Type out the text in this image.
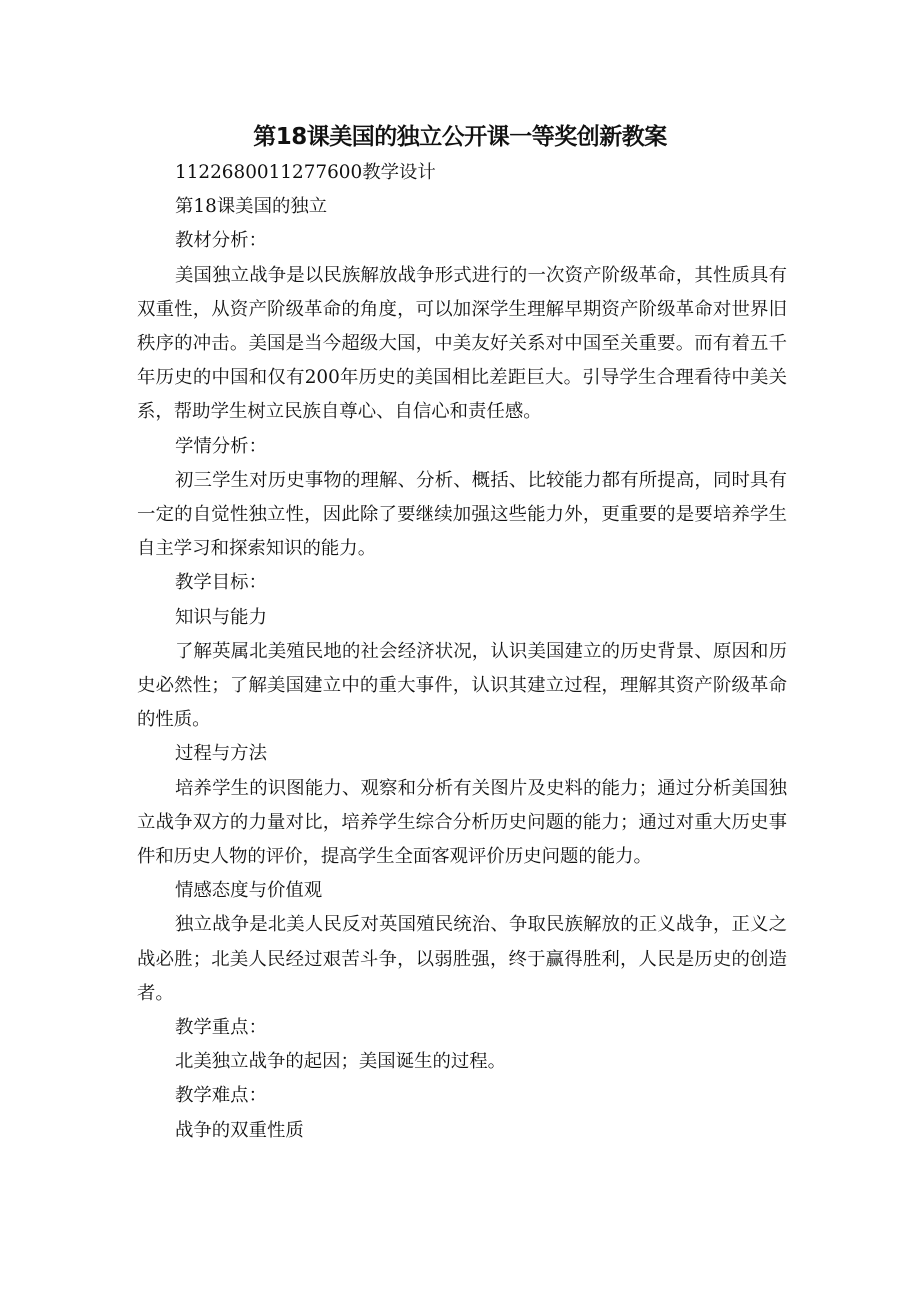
第18课美国的独立公开课一等奖创新教案

1122680011277600教学设计

第18课美国的独立

教材分析：

美国独立战争是以民族解放战争形式进行的一次资产阶级革命，其性质具有双重性，从资产阶级革命的角度，可以加深学生理解早期资产阶级革命对世界旧秩序的冲击。美国是当今超级大国，中美友好关系对中国至关重要。而有着五千年历史的中国和仅有200年历史的美国相比差距巨大。引导学生合理看待中美关系，帮助学生树立民族自尊心、自信心和责任感。

学情分析：

初三学生对历史事物的理解、分析、概括、比较能力都有所提高，同时具有一定的自觉性独立性，因此除了要继续加强这些能力外，更重要的是要培养学生自主学习和探索知识的能力。

教学目标：

知识与能力

了解英属北美殖民地的社会经济状况，认识美国建立的历史背景、原因和历史必然性；了解美国建立中的重大事件，认识其建立过程，理解其资产阶级革命的性质。

过程与方法

培养学生的识图能力、观察和分析有关图片及史料的能力；通过分析美国独立战争双方的力量对比，培养学生综合分析历史问题的能力；通过对重大历史事件和历史人物的评价，提高学生全面客观评价历史问题的能力。

情感态度与价值观

独立战争是北美人民反对英国殖民统治、争取民族解放的正义战争，正义之战必胜；北美人民经过艰苦斗争，以弱胜强，终于赢得胜利，人民是历史的创造者。

教学重点：

北美独立战争的起因；美国诞生的过程。

教学难点：

战争的双重性质
